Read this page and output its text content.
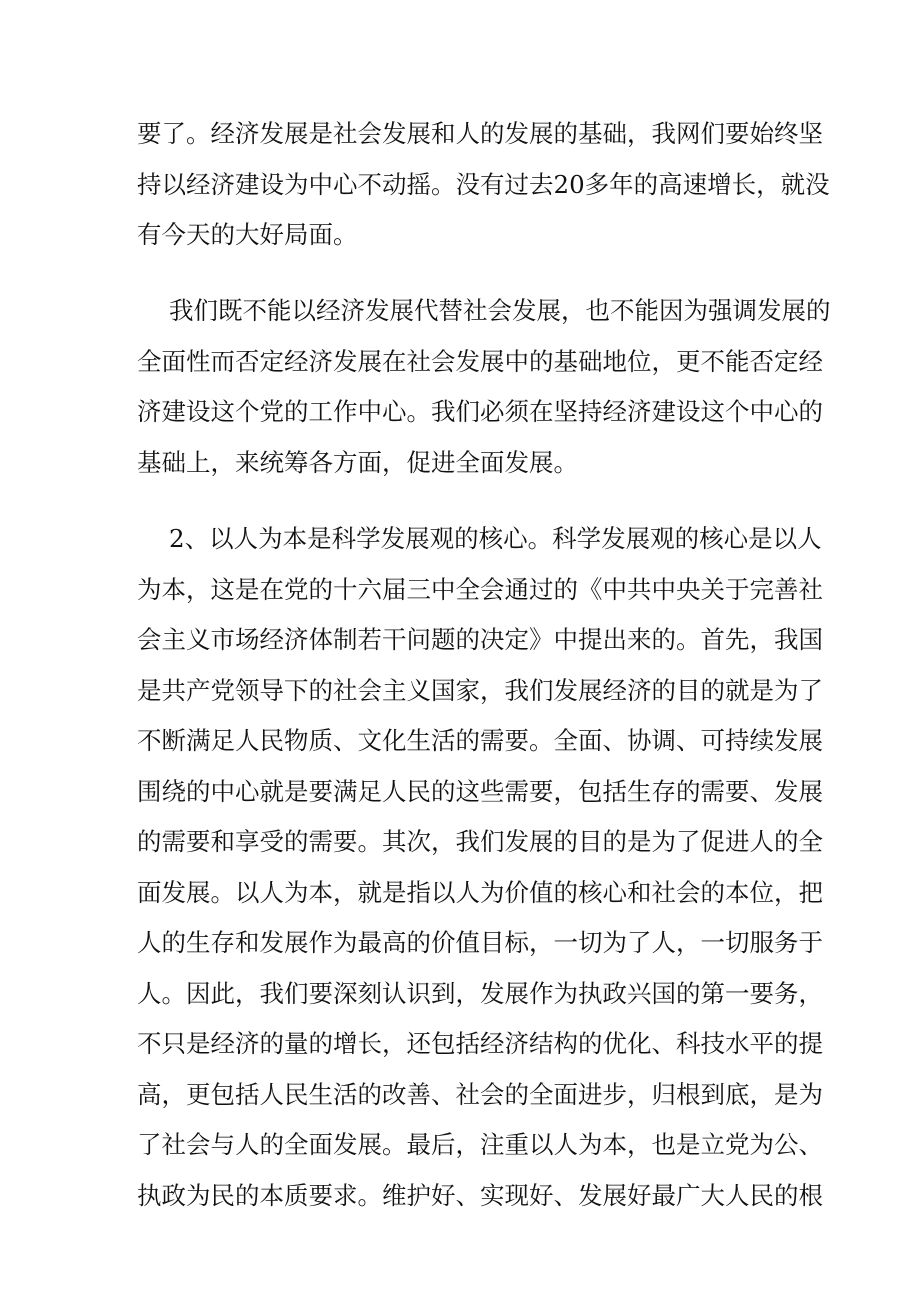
要了。经济发展是社会发展和人的发展的基础，我网们要始终坚
持以经济建设为中心不动摇。没有过去20多年的高速增长，就没
有今天的大好局面。
我们既不能以经济发展代替社会发展，也不能因为强调发展的
全面性而否定经济发展在社会发展中的基础地位，更不能否定经
济建设这个党的工作中心。我们必须在坚持经济建设这个中心的
基础上，来统筹各方面，促进全面发展。
2、以人为本是科学发展观的核心。科学发展观的核心是以人
为本，这是在党的十六届三中全会通过的《中共中央关于完善社
会主义市场经济体制若干问题的决定》中提出来的。首先，我国
是共产党领导下的社会主义国家，我们发展经济的目的就是为了
不断满足人民物质、文化生活的需要。全面、协调、可持续发展
围绕的中心就是要满足人民的这些需要，包括生存的需要、发展
的需要和享受的需要。其次，我们发展的目的是为了促进人的全
面发展。以人为本，就是指以人为价值的核心和社会的本位，把
人的生存和发展作为最高的价值目标，一切为了人，一切服务于
人。因此，我们要深刻认识到，发展作为执政兴国的第一要务，
不只是经济的量的增长，还包括经济结构的优化、科技水平的提
高，更包括人民生活的改善、社会的全面进步，归根到底，是为
了社会与人的全面发展。最后，注重以人为本，也是立党为公、
执政为民的本质要求。维护好、实现好、发展好最广大人民的根
